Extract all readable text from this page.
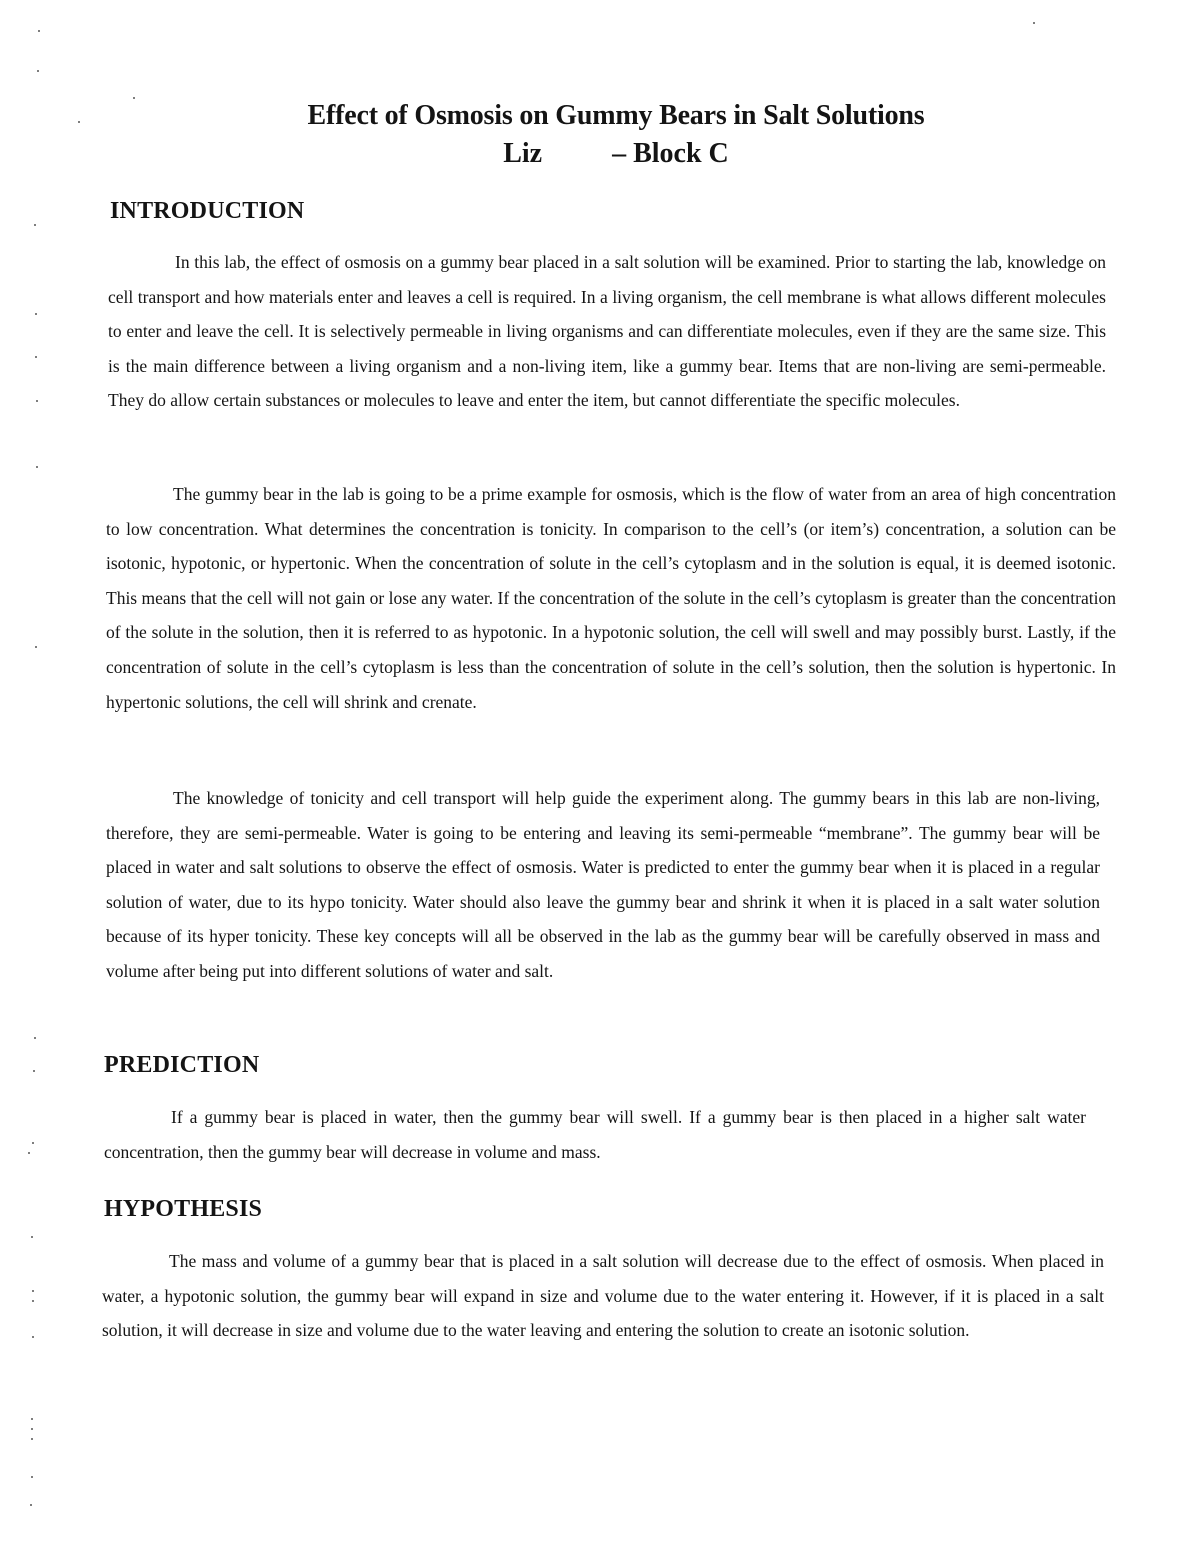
Effect of Osmosis on Gummy Bears in Salt Solutions
Liz	– Block C
INTRODUCTION

In this lab, the effect of osmosis on a gummy bear placed in a salt solution will be examined. Prior to starting the lab, knowledge on cell transport and how materials enter and leaves a cell is required. In a living organism, the cell membrane is what allows different molecules to enter and leave the cell. It is selectively permeable in living organisms and can differentiate molecules, even if they are the same size. This is the main difference between a living organism and a non-living item, like a gummy bear. Items that are non-living are semi-permeable. They do allow certain substances or molecules to leave and enter the item, but cannot differentiate the specific molecules.

The gummy bear in the lab is going to be a prime example for osmosis, which is the flow of water from an area of high concentration to low concentration. What determines the concentration is tonicity. In comparison to the cell’s (or item’s) concentration, a solution can be isotonic, hypotonic, or hypertonic. When the concentration of solute in the cell’s cytoplasm and in the solution is equal, it is deemed isotonic. This means that the cell will not gain or lose any water. If the concentration of the solute in the cell’s cytoplasm is greater than the concentration of the solute in the solution, then it is referred to as hypotonic. In a hypotonic solution, the cell will swell and may possibly burst. Lastly, if the concentration of solute in the cell’s cytoplasm is less than the concentration of solute in the cell’s solution, then the solution is hypertonic. In hypertonic solutions, the cell will shrink and crenate.

The knowledge of tonicity and cell transport will help guide the experiment along. The gummy bears in this lab are non-living, therefore, they are semi-permeable. Water is going to be entering and leaving its semi-permeable “membrane”. The gummy bear will be placed in water and salt solutions to observe the effect of osmosis. Water is predicted to enter the gummy bear when it is placed in a regular solution of water, due to its hypo tonicity. Water should also leave the gummy bear and shrink it when it is placed in a salt water solution because of its hyper tonicity. These key concepts will all be observed in the lab as the gummy bear will be carefully observed in mass and volume after being put into different solutions of water and salt.

PREDICTION

If a gummy bear is placed in water, then the gummy bear will swell. If a gummy bear is then placed in a higher salt water concentration, then the gummy bear will decrease in volume and mass.

HYPOTHESIS

The mass and volume of a gummy bear that is placed in a salt solution will decrease due to the effect of osmosis. When placed in water, a hypotonic solution, the gummy bear will expand in size and volume due to the water entering it. However, if it is placed in a salt solution, it will decrease in size and volume due to the water leaving and entering the solution to create an isotonic solution.
